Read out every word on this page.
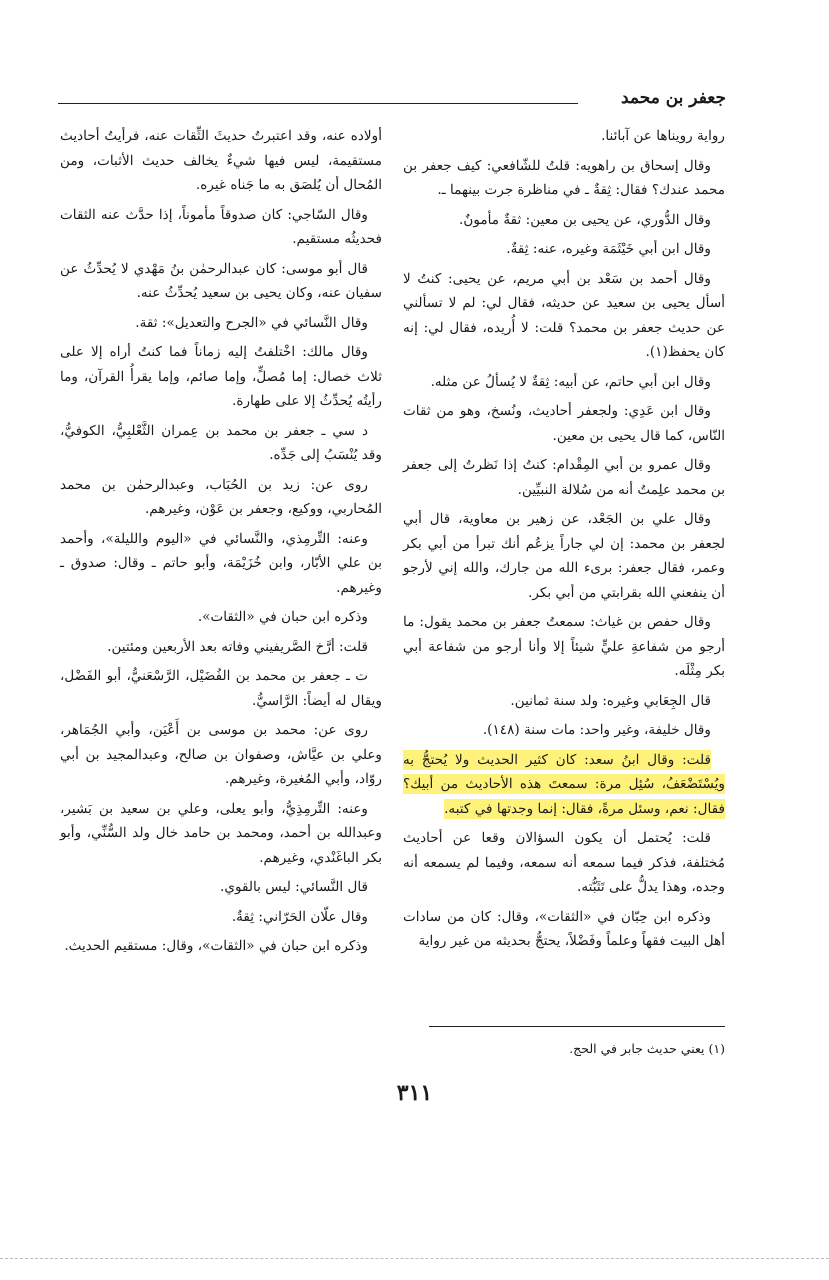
جعفر بن محمد

رواية رويناها عن آبائنا.

وقال إسحاق بن راهويه: قلتُ للشّافعي: كيف جعفر بن محمد عندك؟ فقال: ثِقةٌ ـ في مناظرة جرت بينهما ـ.

وقال الدُّوري، عن يحيى بن معين: ثقةٌ مأمونٌ.

وقال ابن أبي خَيْثَمَة وغيره، عنه: ثِقةٌ.

وقال أحمد بن سَعْد بن أبي مريم، عن يحيى: كنتُ لا أسأل يحيى بن سعيد عن حديثه، فقال لي: لم لا تسألني عن حديث جعفر بن محمد؟ قلت: لا أُريده، فقال لي: إنه كان يحفظ(١).

وقال ابن أبي حاتم، عن أبيه: ثِقةٌ لا يُسألُ عن مثله.

وقال ابن عَدِي: ولجعفر أحاديث، ونُسخ، وهو من ثقات النّاس، كما قال يحيى بن معين.

وقال عمرو بن أبي المِقْدام: كنتُ إذا نَظرتُ إلى جعفر بن محمد علِمتُ أنه من سُلالة النبيِّين.

وقال علي بن الجَعْد، عن زهير بن معاوية، قال أبي لجعفر بن محمد: إن لي جاراً يزعُم أنك تبرأ من أبي بكر وعمر، فقال جعفر: برىء الله من جارك، والله إني لأرجو أن ينفعني الله بقرابتي من أبي بكر.

وقال حفص بن غياث: سمعتُ جعفر بن محمد يقول: ما أرجو من شفاعةِ عليٍّ شيئاً إلا وأنا أرجو من شفاعة أبي بكر مِثْلَه.

قال الجِعَابي وغيره: ولد سنة ثمانين.

وقال خليفة، وغير واحد: مات سنة (١٤٨).

قلت: وقال ابنُ سعد: كان كثير الحديث ولا يُحتجُّ به ويُسْتَضْعَفُ، سُئِل مرة: سمعتَ هذه الأحاديث من أبيك؟ فقال: نعم، وسئل مرةً، فقال: إنما وجدتها في كتبه.

قلت: يُحتمل أن يكون السؤالان وقعا عن أحاديث مُختلفة، فذكر فيما سمعه أنه سمعه، وفيما لم يسمعه أنه وجده، وهذا يدلُّ على تَثَبُّته.

وذكره ابن حِبّان في «الثقات»، وقال: كان من سادات أهل البيت فقهاً وعلماً وفَضْلاً، يحتجُّ بحديثه من غير رواية

أولاده عنه، وقد اعتبرتُ حديثَ الثِّقات عنه، فرأيتُ أحاديث مستقيمة، ليس فيها شيءٌ يخالف حديث الأثبات، ومن المُحال أن يُلصَق به ما جَناه غيره.

وقال السّاجي: كان صدوقاً مأموناً، إذا حدَّث عنه الثقات فحديثُه مستقيم.

قال أبو موسى: كان عبدالرحمٰن بنُ مَهْدي لا يُحدِّثُ عن سفيان عنه، وكان يحيى بن سعيد يُحدِّثُ عنه.

وقال النَّسائي في «الجرح والتعديل»: ثقة.

وقال مالك: اخْتلفتُ إليه زماناً فما كنتُ أراه إلا على ثلاث خصال: إما مُصلٍّ، وإما صائم، وإما يقرأُ القرآن، وما رأيتُه يُحدِّثُ إلا على طهارة.

د سي ـ جعفر بن محمد بن عِمران الثَّعْلبِيُّ، الكوفيُّ، وقد يُنْسَبُ إلى جَدِّه.

روى عن: زيد بن الحُبَاب، وعبدالرحمٰن بن محمد المُحاربي، ووكيع، وجعفر بن عَوْن، وغيرهم.

وعنه: التِّرمِذي، والنَّسائي في «اليوم والليلة»، وأحمد بن علي الأبّار، وابن خُزَيْمَة، وأبو حاتم ـ وقال: صدوق ـ وغيرهم.

وذكره ابن حبان في «الثقات».

قلت: أرَّخ الصَّريفيني وفاته بعد الأربعين ومئتين.

ت ـ جعفر بن محمد بن الفُضَيْل، الرَّسْعَنيُّ، أبو الفَضْل، ويقال له أيضاً: الرَّاسيُّ.

روى عن: محمد بن موسى بن أَعْيَن، وأبي الجُمَاهر، وعلي بن عيَّاش، وصفوان بن صالح، وعبدالمجيد بن أبي روّاد، وأبي المُغيرة، وغيرهم.

وعنه: التِّرمِذِيُّ، وأبو يعلى، وعلي بن سعيد بن بَشير، وعبدالله بن أحمد، ومحمد بن حامد خال ولد السُّنِّي، وأبو بكر الباغَنْدي، وغيرهم.

قال النَّسائي: ليس بالقوي.

وقال علّان الحَرّاني: ثِقةٌ.

وذكره ابن حبان في «الثقات»، وقال: مستقيم الحديث.

(١) يعني حديث جابر في الحج.
٣١١
